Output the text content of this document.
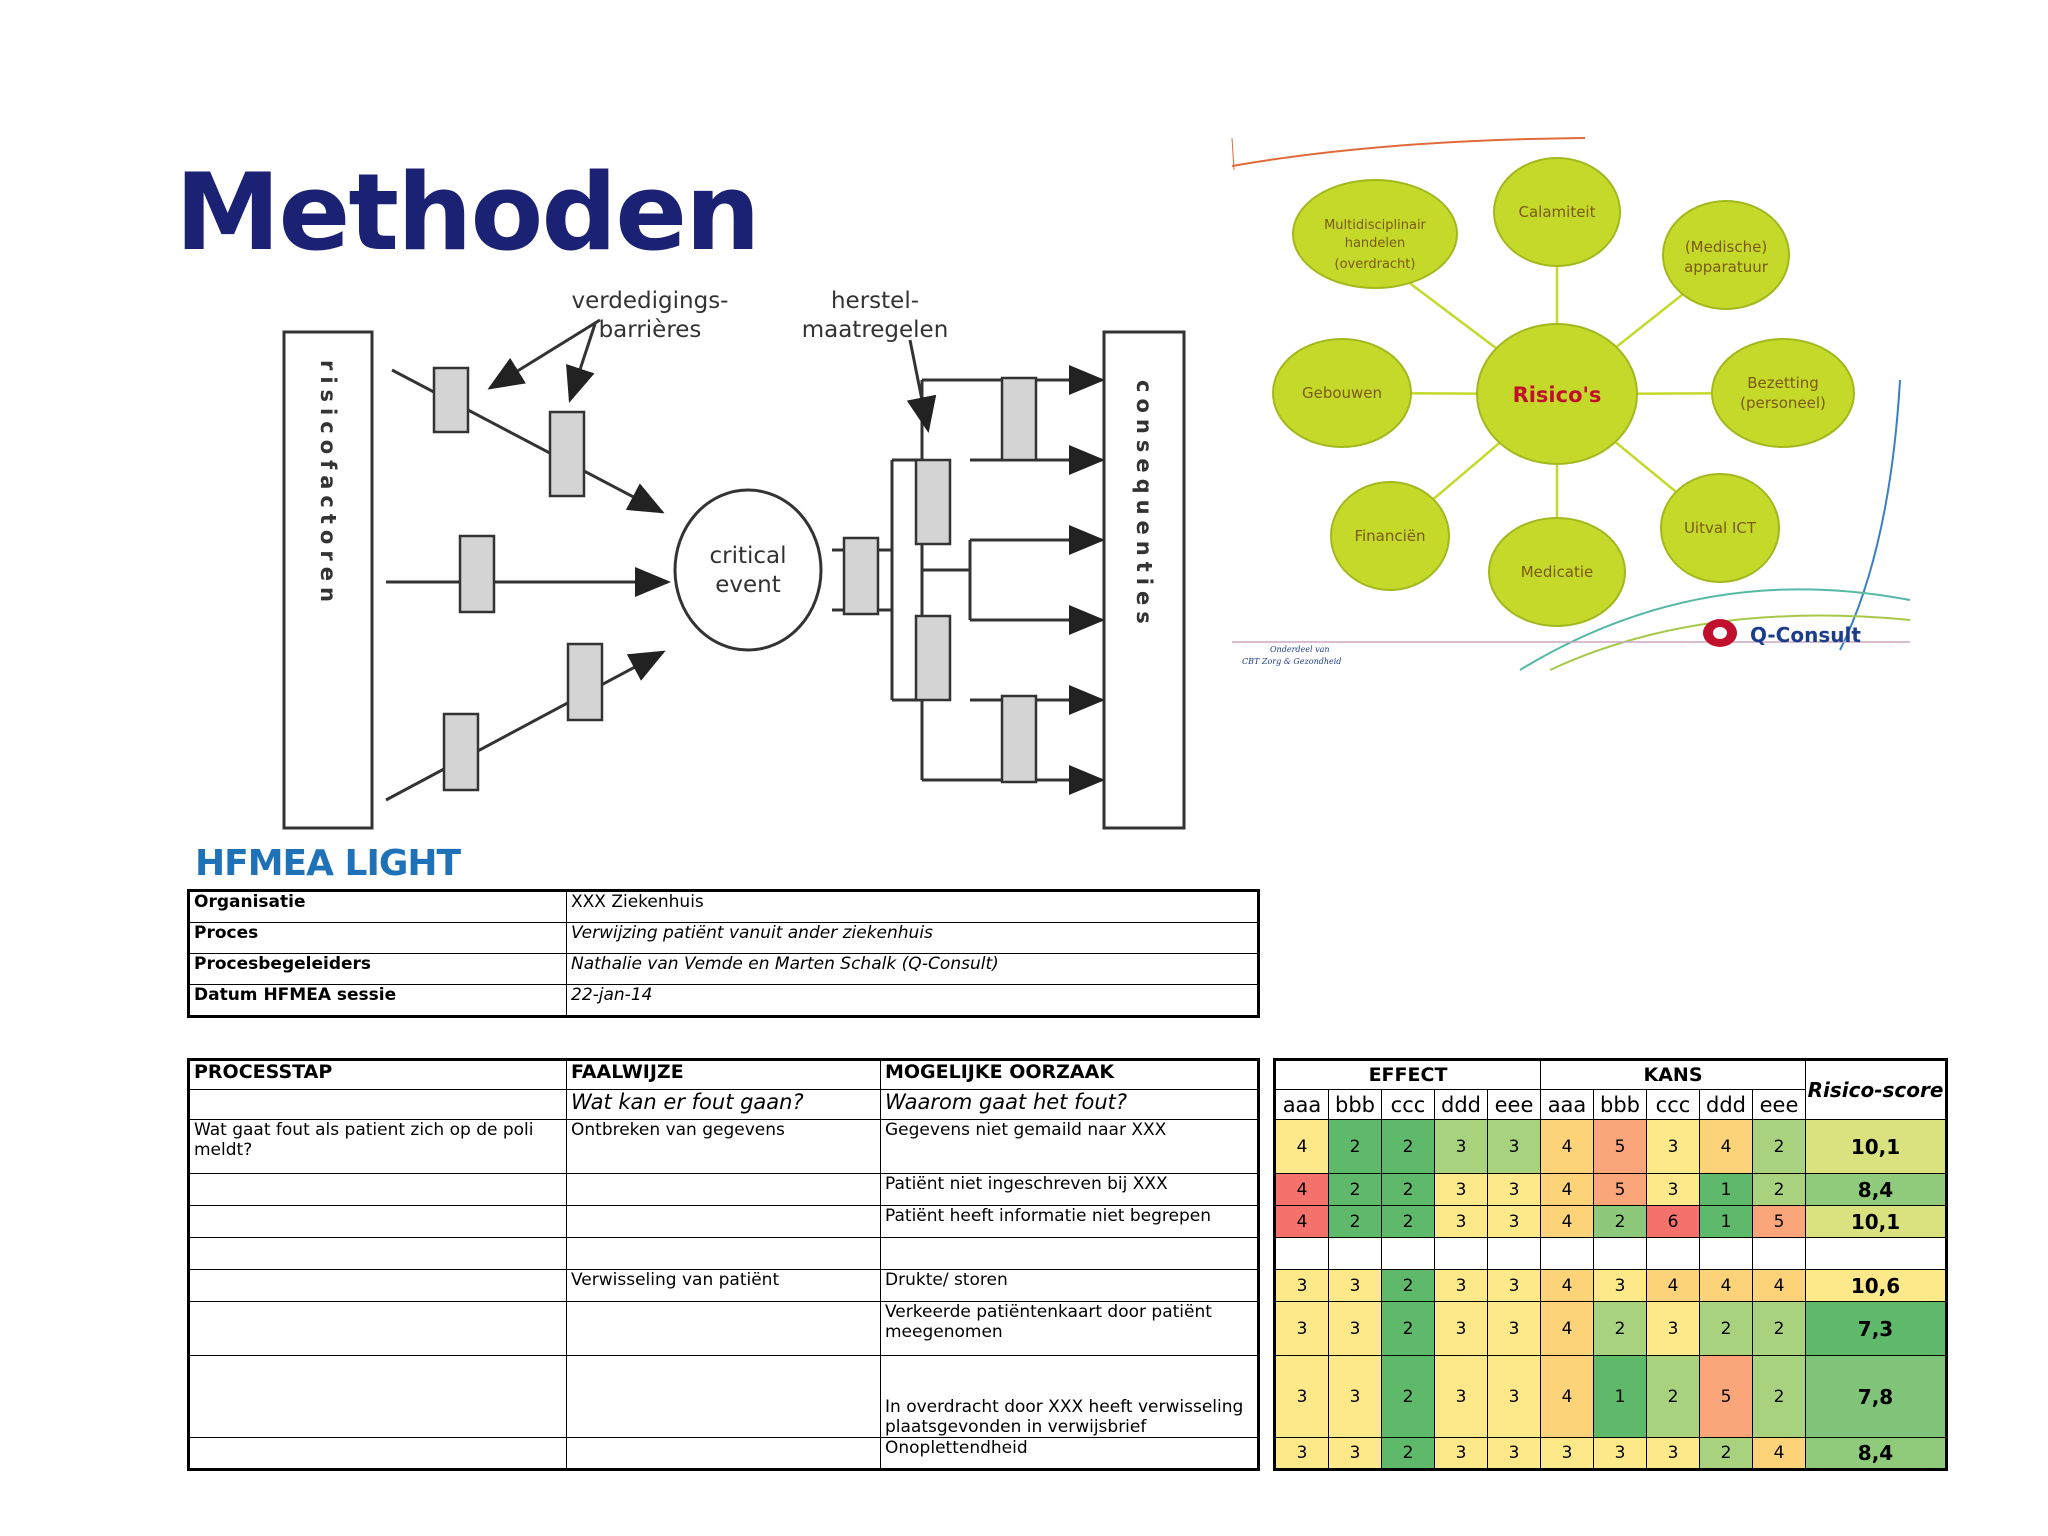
Methoden
risicofactoren	consequenties
critical
event
verdedigings-
barrières
herstel-
maatregelen
Risico's
Calamiteit
Multidisciplinair
handelen
(overdracht)
(Medische)
apparatuur
Gebouwen
Bezetting
(personeel)
Financiën	Uitval ICT
Medicatie
Q-Consult
Onderdeel van
CBT Zorg & Gezondheid
HFMEA LIGHT
Organisatie	XXX Ziekenhuis
Proces	Verwijzing patiënt vanuit ander ziekenhuis
Procesbegeleiders	Nathalie van Vemde en Marten Schalk (Q-Consult)
Datum HFMEA sessie	22-jan-14
PROCESSTAP	FAALWIJZE	MOGELIJKE OORZAAK
	Wat kan er fout gaan?	Waarom gaat het fout?
Wat gaat fout als patient zich op de poli meldt?	Ontbreken van gegevens	Gegevens niet gemaild naar XXX
		Patiënt niet ingeschreven bij XXX
		Patiënt heeft informatie niet begrepen

	Verwisseling van patiënt	Drukte/ storen
		Verkeerde patiëntenkaart door patiënt meegenomen
		In overdracht door XXX heeft verwisseling plaatsgevonden in verwijsbrief
		Onoplettendheid
EFFECT					KANS					Risico-score
aaa	bbb	ccc	ddd	eee	aaa	bbb	ccc	ddd	eee	
4	2	2	3	3	4	5	3	4	2	10,1
4	2	2	3	3	4	5	3	1	2	8,4
4	2	2	3	3	4	2	6	1	5	10,1

3	3	2	3	3	4	3	4	4	4	10,6
3	3	2	3	3	4	2	3	2	2	7,3
3	3	2	3	3	4	1	2	5	2	7,8
3	3	2	3	3	3	3	3	2	4	8,4
